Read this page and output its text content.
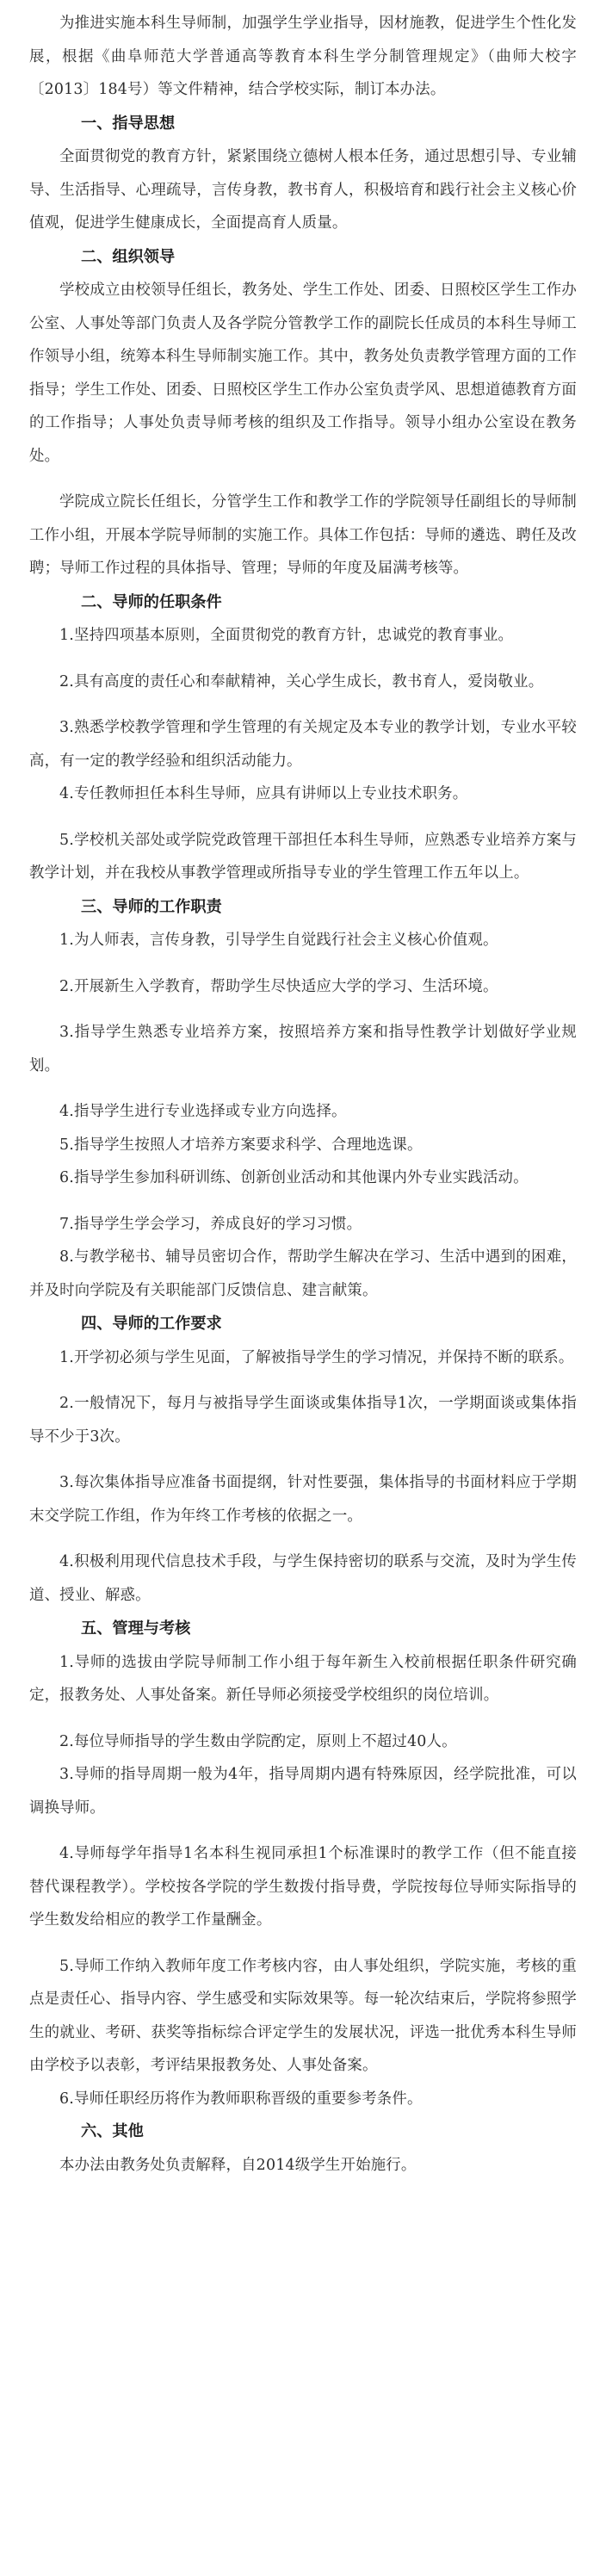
为推进实施本科生导师制，加强学生学业指导，因材施教，促进学生个性化发展，根据《曲阜师范大学普通高等教育本科生学分制管理规定》（曲师大校字〔2013〕184号）等文件精神，结合学校实际，制订本办法。

一、指导思想

全面贯彻党的教育方针，紧紧围绕立德树人根本任务，通过思想引导、专业辅导、生活指导、心理疏导，言传身教，教书育人，积极培育和践行社会主义核心价值观，促进学生健康成长，全面提高育人质量。

二、组织领导

学校成立由校领导任组长，教务处、学生工作处、团委、日照校区学生工作办公室、人事处等部门负责人及各学院分管教学工作的副院长任成员的本科生导师工作领导小组，统筹本科生导师制实施工作。其中，教务处负责教学管理方面的工作指导；学生工作处、团委、日照校区学生工作办公室负责学风、思想道德教育方面的工作指导；人事处负责导师考核的组织及工作指导。领导小组办公室设在教务处。

学院成立院长任组长，分管学生工作和教学工作的学院领导任副组长的导师制工作小组，开展本学院导师制的实施工作。具体工作包括：导师的遴选、聘任及改聘；导师工作过程的具体指导、管理；导师的年度及届满考核等。

二、导师的任职条件

1.坚持四项基本原则，全面贯彻党的教育方针，忠诚党的教育事业。

2.具有高度的责任心和奉献精神，关心学生成长，教书育人，爱岗敬业。

3.熟悉学校教学管理和学生管理的有关规定及本专业的教学计划，专业水平较高，有一定的教学经验和组织活动能力。

4.专任教师担任本科生导师，应具有讲师以上专业技术职务。

5.学校机关部处或学院党政管理干部担任本科生导师，应熟悉专业培养方案与教学计划，并在我校从事教学管理或所指导专业的学生管理工作五年以上。

三、导师的工作职责

1.为人师表，言传身教，引导学生自觉践行社会主义核心价值观。

2.开展新生入学教育，帮助学生尽快适应大学的学习、生活环境。

3.指导学生熟悉专业培养方案，按照培养方案和指导性教学计划做好学业规划。

4.指导学生进行专业选择或专业方向选择。

5.指导学生按照人才培养方案要求科学、合理地选课。

6.指导学生参加科研训练、创新创业活动和其他课内外专业实践活动。

7.指导学生学会学习，养成良好的学习习惯。

8.与教学秘书、辅导员密切合作，帮助学生解决在学习、生活中遇到的困难，并及时向学院及有关职能部门反馈信息、建言献策。

四、导师的工作要求

1.开学初必须与学生见面，了解被指导学生的学习情况，并保持不断的联系。

2.一般情况下，每月与被指导学生面谈或集体指导1次，一学期面谈或集体指导不少于3次。

3.每次集体指导应准备书面提纲，针对性要强，集体指导的书面材料应于学期末交学院工作组，作为年终工作考核的依据之一。

4.积极利用现代信息技术手段，与学生保持密切的联系与交流，及时为学生传道、授业、解惑。

五、管理与考核

1.导师的选拔由学院导师制工作小组于每年新生入校前根据任职条件研究确定，报教务处、人事处备案。新任导师必须接受学校组织的岗位培训。

2.每位导师指导的学生数由学院酌定，原则上不超过40人。

3.导师的指导周期一般为4年，指导周期内遇有特殊原因，经学院批准，可以调换导师。

4.导师每学年指导1名本科生视同承担1个标准课时的教学工作（但不能直接替代课程教学）。学校按各学院的学生数拨付指导费，学院按每位导师实际指导的学生数发给相应的教学工作量酬金。

5.导师工作纳入教师年度工作考核内容，由人事处组织，学院实施，考核的重点是责任心、指导内容、学生感受和实际效果等。每一轮次结束后，学院将参照学生的就业、考研、获奖等指标综合评定学生的发展状况，评选一批优秀本科生导师由学校予以表彰，考评结果报教务处、人事处备案。

6.导师任职经历将作为教师职称晋级的重要参考条件。

六、其他

本办法由教务处负责解释，自2014级学生开始施行。
